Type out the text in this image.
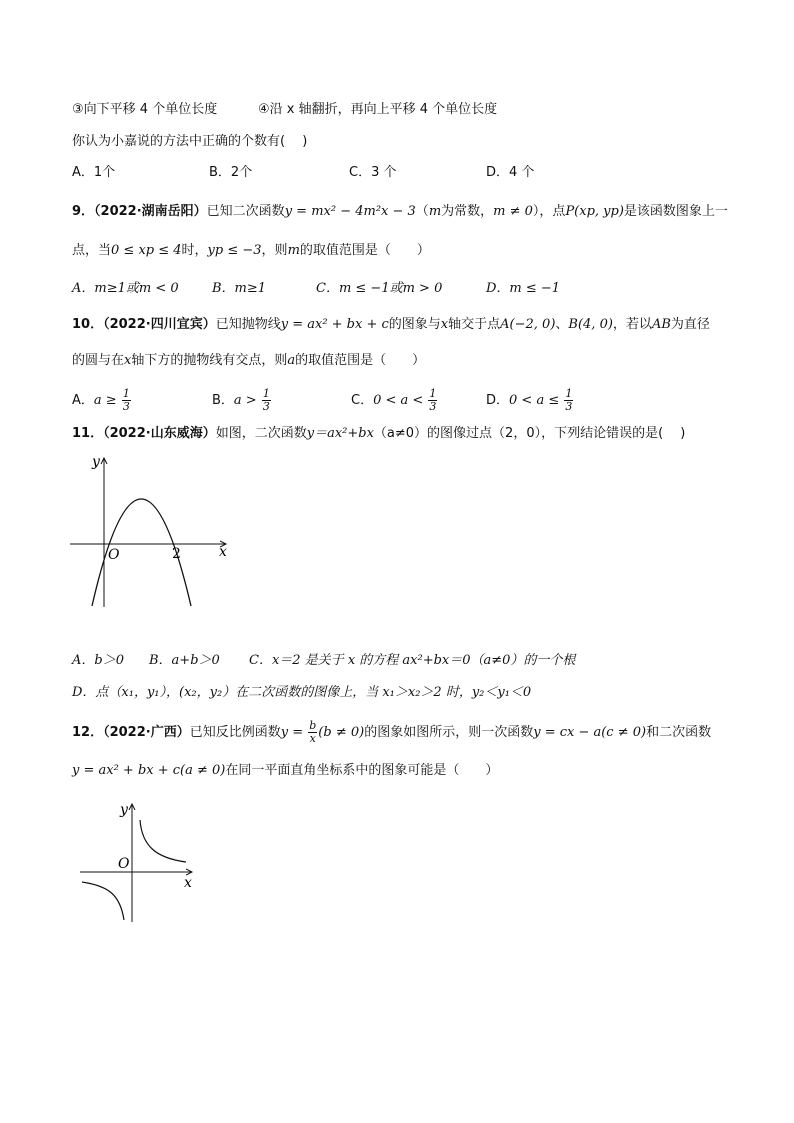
③向下平移 4 个单位长度	④沿 x 轴翻折，再向上平移 4 个单位长度
你认为小嘉说的方法中正确的个数有(　 )
A．1个	B．2个	C．3 个	D．4 个
9．（2022·湖南岳阳）已知二次函数y = mx² − 4m²x − 3（m为常数，m ≠ 0），点P(xp, yp)是该函数图象上一
点，当0 ≤ xp ≤ 4时，yp ≤ −3，则m的取值范围是（　　）
A．m≥1或m < 0	B．m≥1	C．m ≤ −1或m > 0	D．m ≤ −1
10．（2022·四川宜宾）已知抛物线y = ax² + bx + c的图象与x轴交于点A(−2, 0)、B(4, 0)，若以AB为直径
的圆与在x轴下方的抛物线有交点，则a的取值范围是（　　）
A．$a \ge \frac{1}{3}$	B．$a > \frac{1}{3}$	C．$0 < a < \frac{1}{3}$	D．$0 < a \le \frac{1}{3}$
11．（2022·山东威海）如图，二次函数y＝ax²+bx（a≠0）的图像过点（2，0），下列结论错误的是(　 )
y
x
O	2
A．b＞0 B．a+b＞0 C．x＝2 是关于 x 的方程 ax²+bx＝0（a≠0）的一个根
D．点（x₁，y₁），(x₂，y₂）在二次函数的图像上，当 x₁＞x₂＞2 时，y₂＜y₁＜0
12．（2022·广西）已知反比例函数$y = \frac{b}{x} (b \ne 0)$的图象如图所示，则一次函数y = cx − a(c ≠ 0)和二次函数
y = ax² + bx + c(a ≠ 0)在同一平面直角坐标系中的图象可能是（　　）
y
x
O
